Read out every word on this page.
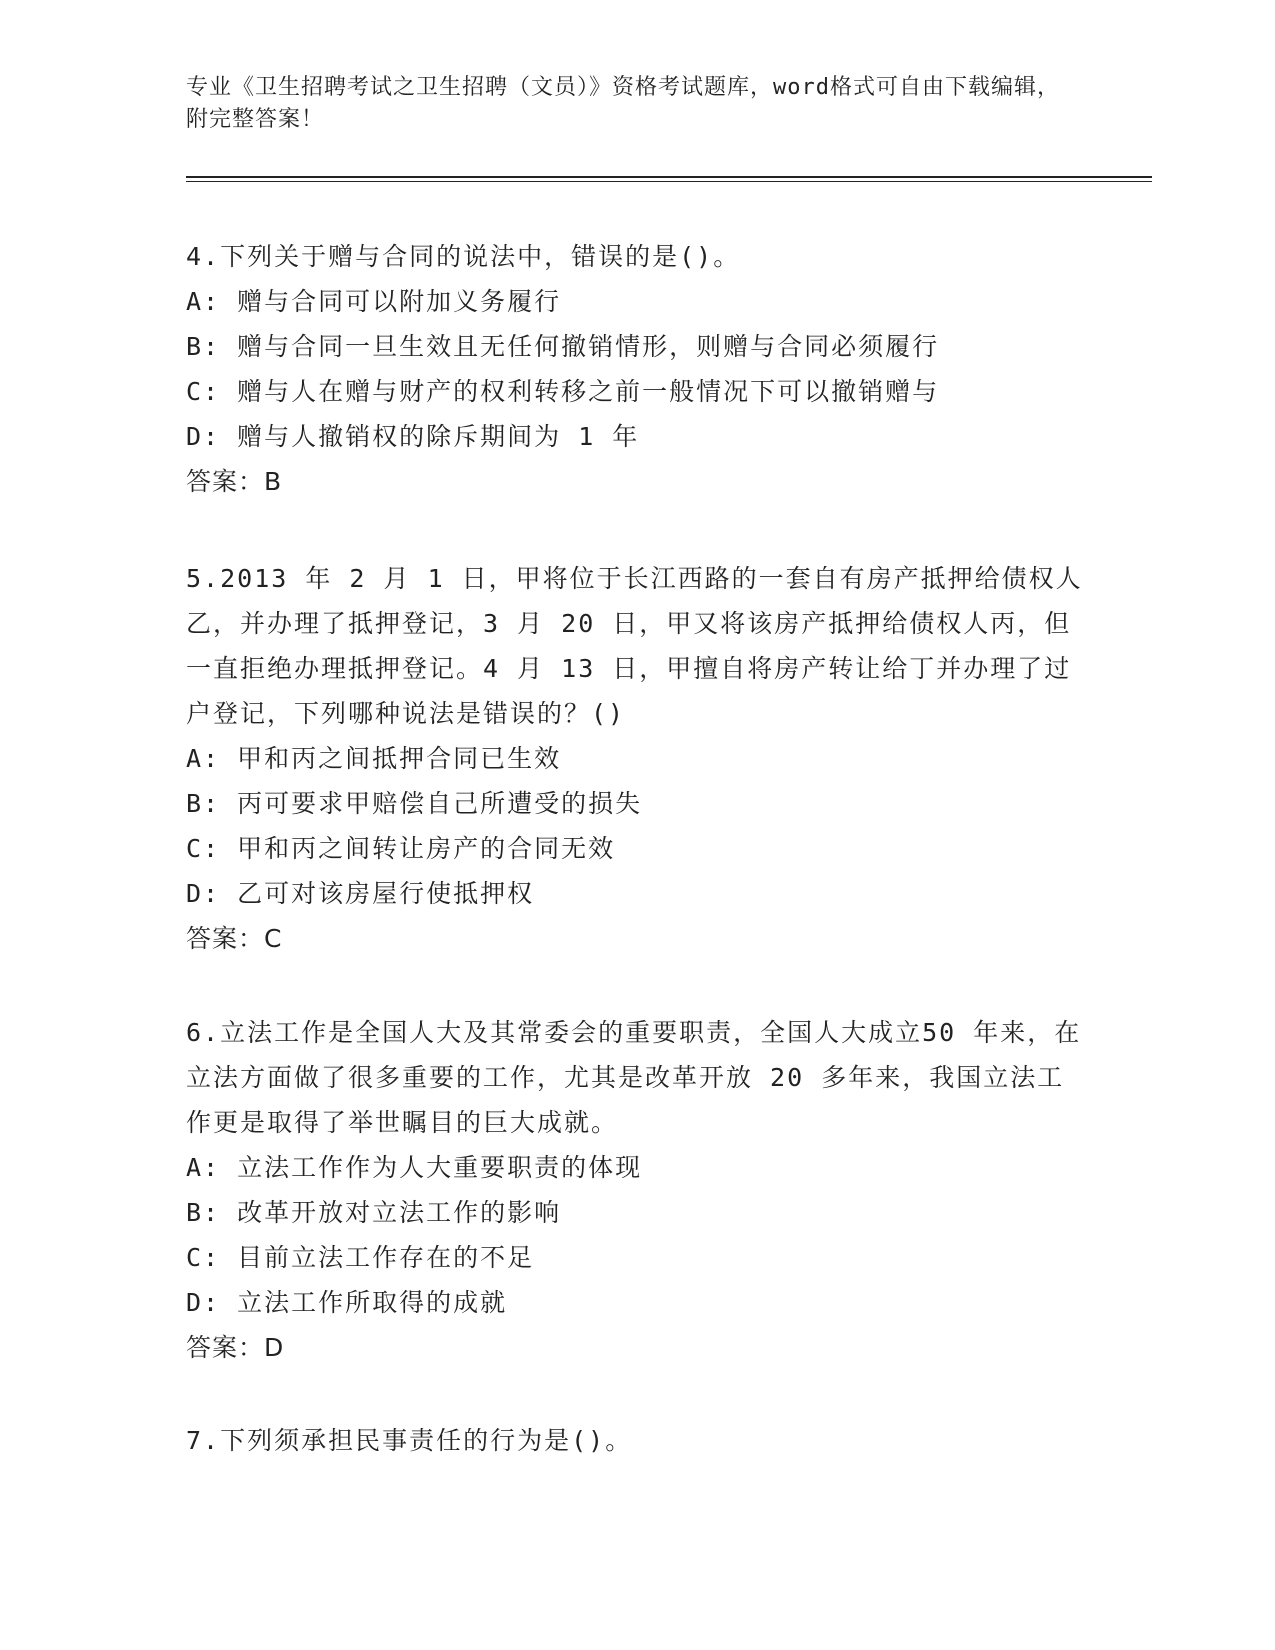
专业《卫生招聘考试之卫生招聘（文员）》资格考试题库，word格式可自由下载编辑，附完整答案！

4.下列关于赠与合同的说法中，错误的是()。

A: 赠与合同可以附加义务履行

B: 赠与合同一旦生效且无任何撤销情形，则赠与合同必须履行

C: 赠与人在赠与财产的权利转移之前一般情况下可以撤销赠与

D: 赠与人撤销权的除斥期间为 1 年

答案：B

5.2013 年 2 月 1 日，甲将位于长江西路的一套自有房产抵押给债权人乙，并办理了抵押登记，3 月 20 日，甲又将该房产抵押给债权人丙，但一直拒绝办理抵押登记。4 月 13 日，甲擅自将房产转让给丁并办理了过户登记，下列哪种说法是错误的？()

A: 甲和丙之间抵押合同已生效

B: 丙可要求甲赔偿自己所遭受的损失

C: 甲和丙之间转让房产的合同无效

D: 乙可对该房屋行使抵押权

答案：C

6.立法工作是全国人大及其常委会的重要职责，全国人大成立50 年来，在立法方面做了很多重要的工作，尤其是改革开放 20 多年来，我国立法工作更是取得了举世瞩目的巨大成就。

A: 立法工作作为人大重要职责的体现

B: 改革开放对立法工作的影响

C: 目前立法工作存在的不足

D: 立法工作所取得的成就

答案：D

7.下列须承担民事责任的行为是()。
